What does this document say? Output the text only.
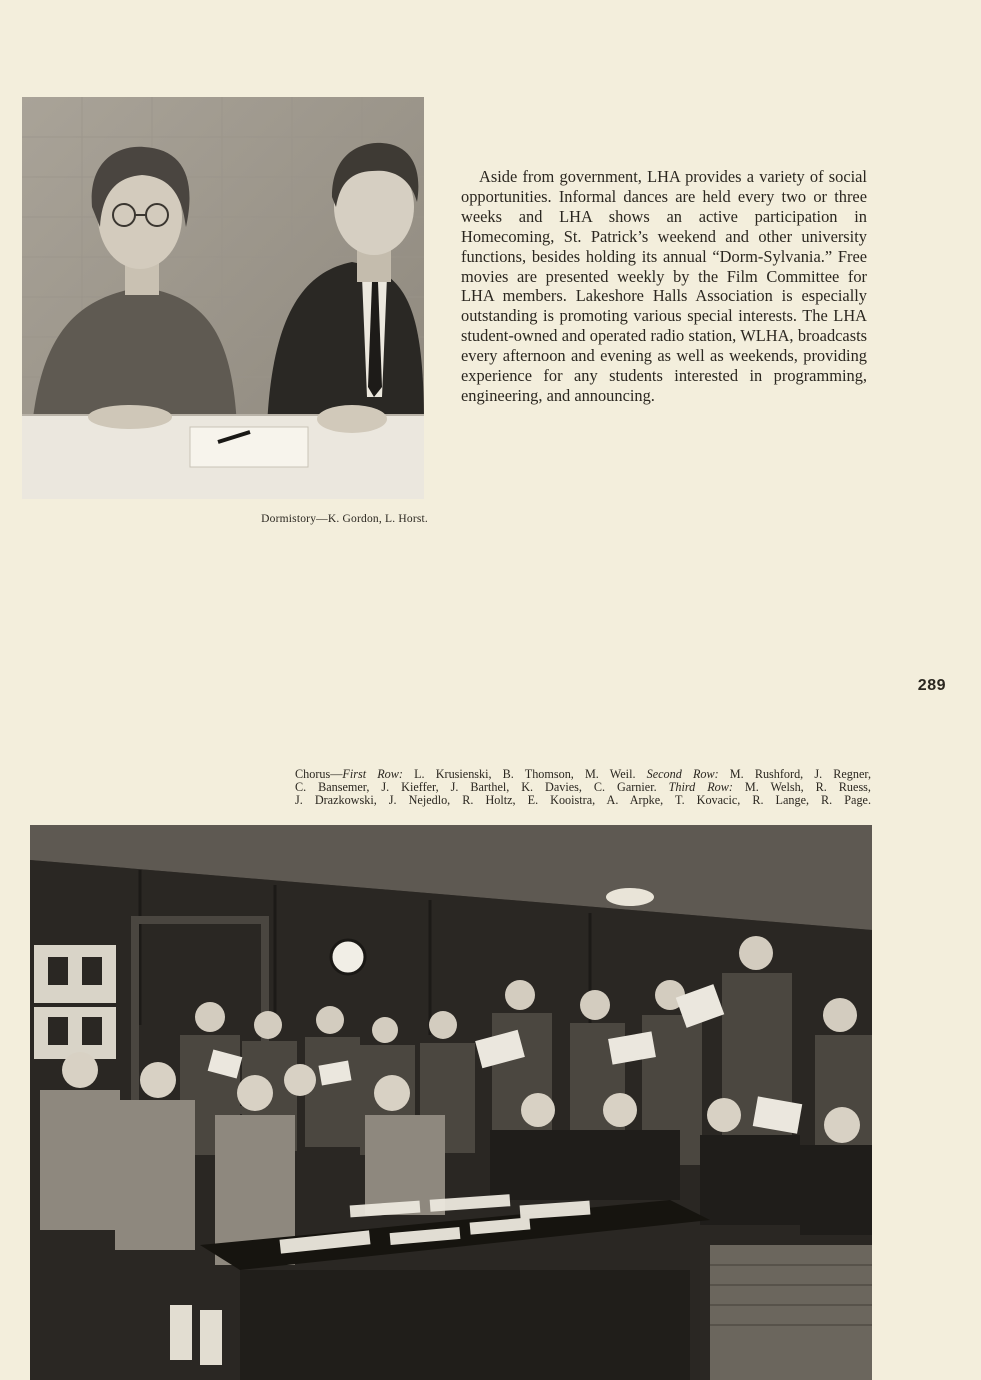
Aside from government, LHA provides a variety of social opportunities. Informal dances are held every two or three weeks and LHA shows an active participation in Homecoming, St. Patrick’s weekend and other university functions, besides holding its annual “Dorm-Sylvania.” Free movies are presented weekly by the Film Committee for LHA members. Lakeshore Halls Association is especially outstanding is promoting various special interests. The LHA student-owned and operated radio station, WLHA, broadcasts every afternoon and evening as well as weekends, providing experience for any students interested in programming, engineering, and announcing.

Dormistory—K. Gordon, L. Horst.
289
Chorus—First Row: L. Krusienski, B. Thomson, M. Weil. Second Row: M. Rushford, J. Regner,
C. Bansemer, J. Kieffer, J. Barthel, K. Davies, C. Garnier. Third Row: M. Welsh, R. Ruess,
J. Drazkowski, J. Nejedlo, R. Holtz, E. Kooistra, A. Arpke, T. Kovacic, R. Lange, R. Page.
